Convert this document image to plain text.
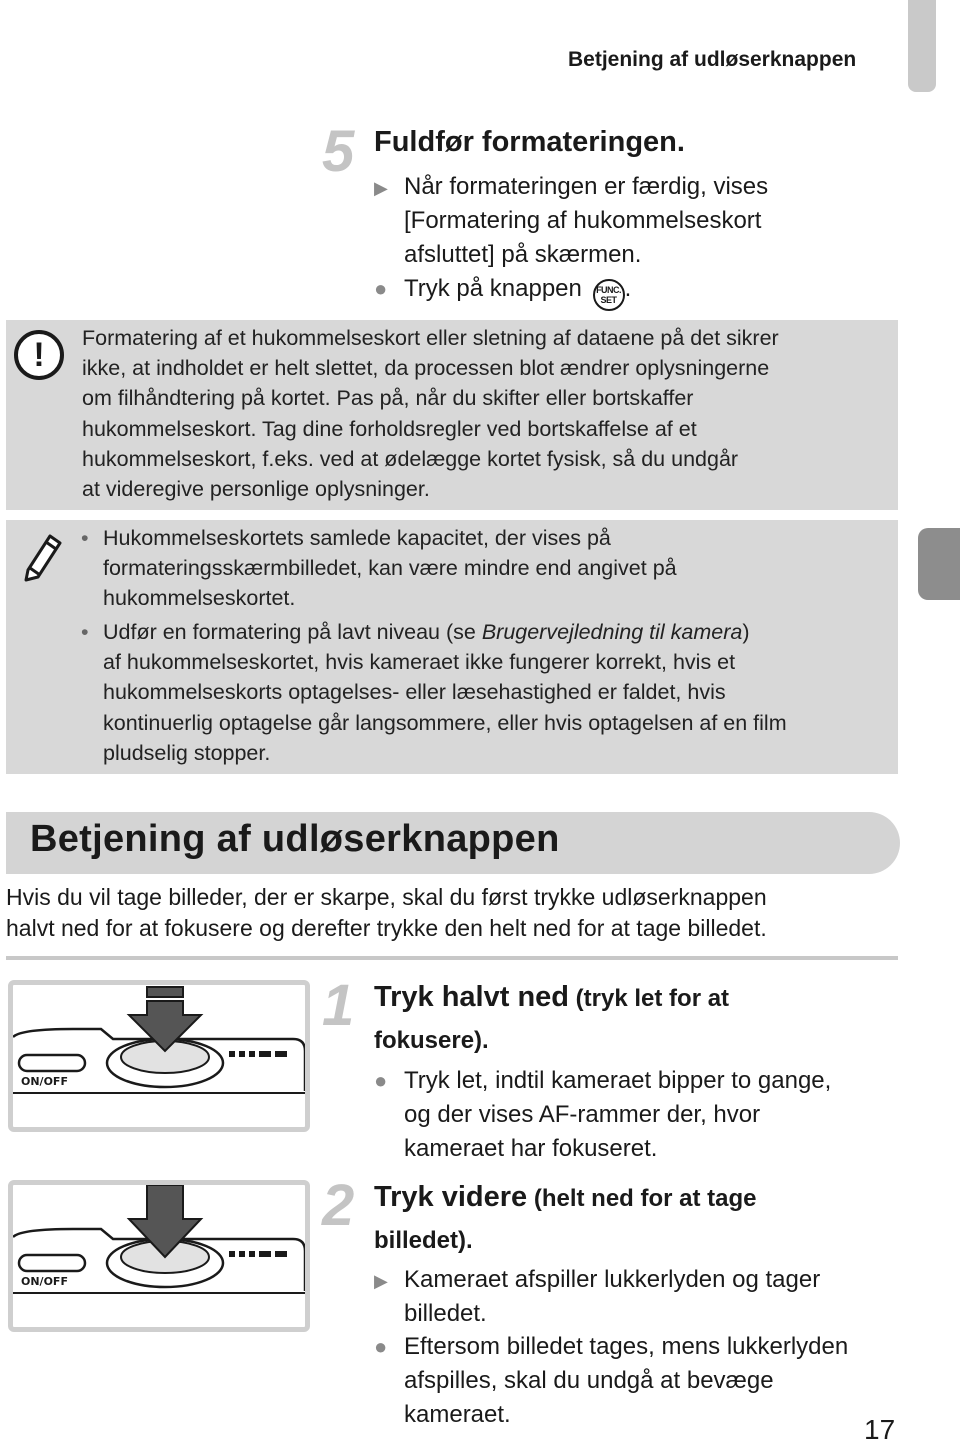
Betjening af udløserknappen
5 Fuldfør formateringen.
▶ Når formateringen er færdig, vises
[Formatering af hukommelseskort
afsluttet] på skærmen.
● Tryk på knappen FUNC.
SET .
!	Formatering af et hukommelseskort eller sletning af dataene på det sikrer
ikke, at indholdet er helt slettet, da processen blot ændrer oplysningerne
om filhåndtering på kortet. Pas på, når du skifter eller bortskaffer
hukommelseskort. Tag dine forholdsregler ved bortskaffelse af et
hukommelseskort, f.eks. ved at ødelægge kortet fysisk, så du undgår
at videregive personlige oplysninger.
• Hukommelseskortets samlede kapacitet, der vises på
formateringsskærmbilledet, kan være mindre end angivet på
hukommelseskortet.
• Udfør en formatering på lavt niveau (se Brugervejledning til kamera)
af hukommelseskortet, hvis kameraet ikke fungerer korrekt, hvis et
hukommelseskorts optagelses- eller læsehastighed er faldet, hvis
kontinuerlig optagelse går langsommere, eller hvis optagelsen af en film
pludselig stopper.
Betjening af udløserknappen
Hvis du vil tage billeder, der er skarpe, skal du først trykke udløserknappen
halvt ned for at fokusere og derefter trykke den helt ned for at tage billedet.
ON/OFF
ON/OFF
1 Tryk halvt ned (tryk let for at
fokusere).
● Tryk let, indtil kameraet bipper to gange,
og der vises AF-rammer der, hvor
kameraet har fokuseret.
2 Tryk videre (helt ned for at tage
billedet).
▶ Kameraet afspiller lukkerlyden og tager
billedet.
● Eftersom billedet tages, mens lukkerlyden
afspilles, skal du undgå at bevæge
kameraet.	17
